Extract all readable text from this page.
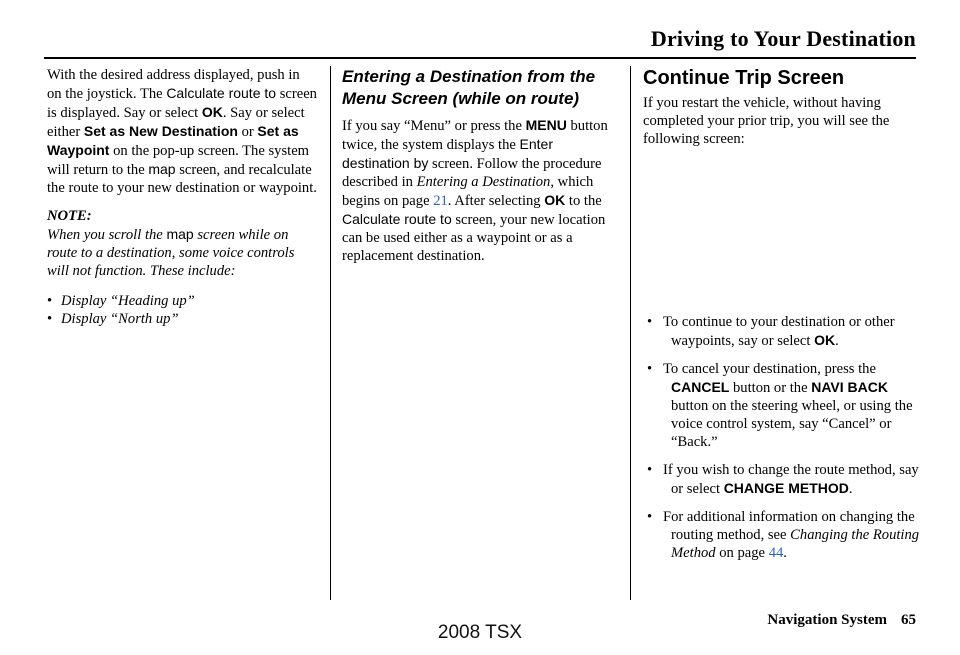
Driving to Your Destination

With the desired address displayed, push in on the joystick. The Calculate route to screen is displayed. Say or select OK. Say or select either Set as New Destination or Set as Waypoint on the pop-up screen. The system will return to the map screen, and recalculate the route to your new destination or waypoint.

NOTE:
When you scroll the map screen while on route to a destination, some voice controls will not function. These include:

• Display “Heading up”
• Display “North up”
Entering a Destination from the Menu Screen (while on route)

If you say “Menu” or press the MENU button twice, the system displays the Enter destination by screen. Follow the procedure described in Entering a Destination, which begins on page 21. After selecting OK to the Calculate route to screen, your new location can be used either as a waypoint or as a replacement destination.

Continue Trip Screen

If you restart the vehicle, without having completed your prior trip, you will see the following screen:

• To continue to your destination or other waypoints, say or select OK.
• To cancel your destination, press the CANCEL button or the NAVI BACK button on the steering wheel, or using the voice control system, say “Cancel” or “Back.”
• If you wish to change the route method, say or select CHANGE METHOD.
• For additional information on changing the routing method, see Changing the Routing Method on page 44.
Navigation System 65
2008 TSX
